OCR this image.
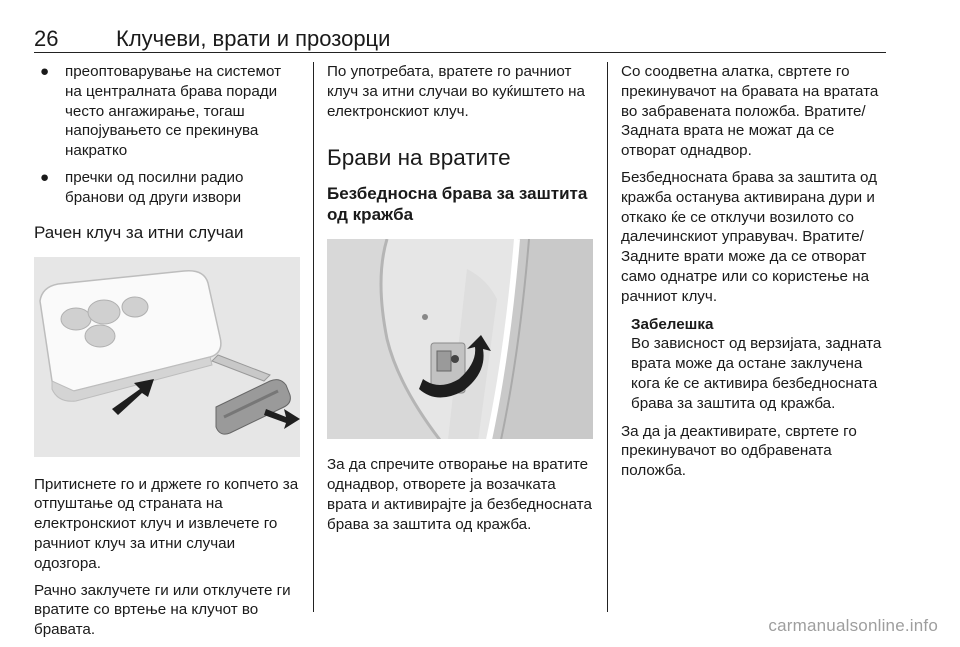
26	Клучеви, врати и прозорци
● преоптоварување на системот на централната брава поради често ангажирање, тогаш напојувањето се прекинува накратко
● пречки од посилни радио бранови од други извори
Рачен клуч за итни случаи

Притиснете го и држете го копчето за отпуштање од страната на електронскиот клуч и извлечете го рачниот клуч за итни случаи одозгора.

Рачно заклучете ги или отклучете ги вратите со вртење на клучот во бравата.

По употребата, вратете го рачниот клуч за итни случаи во куќиштето на електронскиот клуч.

Брави на вратите
Безбедносна брава за заштита од кражба

За да спречите отворање на вратите однадвор, отворете ја возачката врата и активирајте ја безбедносната брава за заштита од кражба.

Со соодветна алатка, свртете го прекинувачот на бравата на вратата во забравената положба. Вратите/Задната врата не можат да се отворат однадвор.

Безбедносната брава за заштита од кражба останува активирана дури и откако ќе се отклучи возилото со далечинскиот управувач. Вратите/Задните врати може да се отворат само однатре или со користење на рачниот клуч.

Забелешка
Во зависност од верзијата, задната врата може да остане заклучена кога ќе се активира безбедносната брава за заштита од кражба.

За да ја деактивирате, свртете го прекинувачот во одбравената положба.

carmanualsonline.info
